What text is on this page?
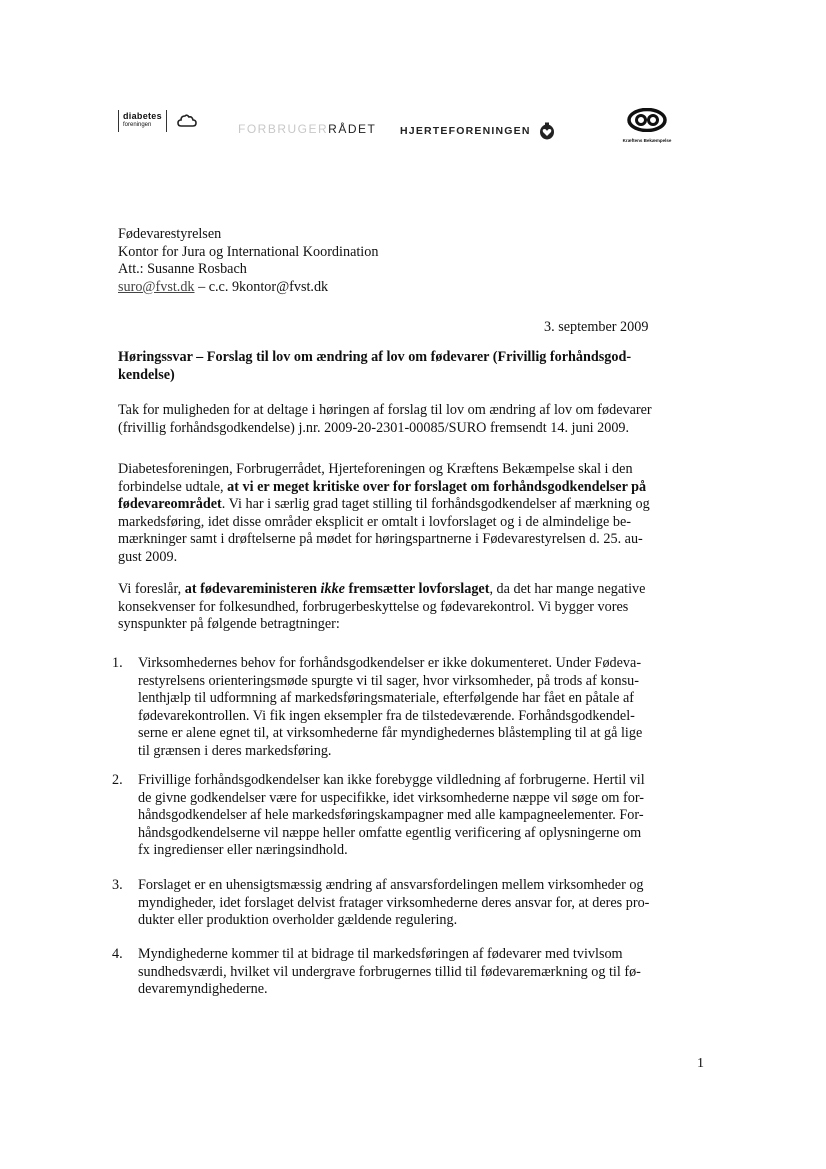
diabetes
foreningen	FORBRUGERRÅDET HJERTEFORENINGEN
Kræftens Bekæmpelse
Fødevarestyrelsen
Kontor for Jura og International Koordination
Att.: Susanne Rosbach
suro@fvst.dk – c.c. 9kontor@fvst.dk
3. september 2009

Høringssvar – Forslag til lov om ændring af lov om fødevarer (Frivillig forhåndsgod-

kendelse)

Tak for muligheden for at deltage i høringen af forslag til lov om ændring af lov om fødevarer

(frivillig forhåndsgodkendelse) j.nr. 2009-20-2301-00085/SURO fremsendt 14. juni 2009.

Diabetesforeningen, Forbrugerrådet, Hjerteforeningen og Kræftens Bekæmpelse skal i den

forbindelse udtale, at vi er meget kritiske over for forslaget om forhåndsgodkendelser på

fødevareområdet. Vi har i særlig grad taget stilling til forhåndsgodkendelser af mærkning og

markedsføring, idet disse områder eksplicit er omtalt i lovforslaget og i de almindelige be-

mærkninger samt i drøftelserne på mødet for høringspartnerne i Fødevarestyrelsen d. 25. au-

gust 2009.

Vi foreslår, at fødevareministeren ikke fremsætter lovforslaget, da det har mange negative

konsekvenser for folkesundhed, forbrugerbeskyttelse og fødevarekontrol. Vi bygger vores

synspunkter på følgende betragtninger:

1. Virksomhedernes behov for forhåndsgodkendelser er ikke dokumenteret. Under Fødeva-
restyrelsens orienteringsmøde spurgte vi til sager, hvor virksomheder, på trods af konsu-
lenthjælp til udformning af markedsføringsmateriale, efterfølgende har fået en påtale af
fødevarekontrollen. Vi fik ingen eksempler fra de tilstedeværende. Forhåndsgodkendel-
serne er alene egnet til, at virksomhederne får myndighedernes blåstempling til at gå lige
til grænsen i deres markedsføring.
2. Frivillige forhåndsgodkendelser kan ikke forebygge vildledning af forbrugerne. Hertil vil
de givne godkendelser være for uspecifikke, idet virksomhederne næppe vil søge om for-
håndsgodkendelser af hele markedsføringskampagner med alle kampagneelementer. For-
håndsgodkendelserne vil næppe heller omfatte egentlig verificering af oplysningerne om
fx ingredienser eller næringsindhold.
3. Forslaget er en uhensigtsmæssig ændring af ansvarsfordelingen mellem virksomheder og
myndigheder, idet forslaget delvist fratager virksomhederne deres ansvar for, at deres pro-
dukter eller produktion overholder gældende regulering.
4. Myndighederne kommer til at bidrage til markedsføringen af fødevarer med tvivlsom
sundhedsværdi, hvilket vil undergrave forbrugernes tillid til fødevaremærkning og til fø-
devaremyndighederne.
1
